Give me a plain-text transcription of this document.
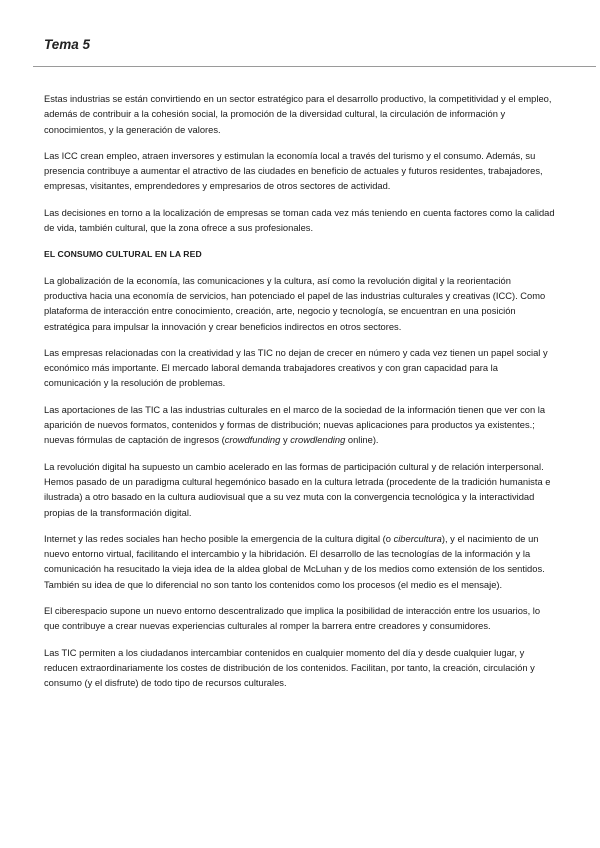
Tema 5

Estas industrias se están convirtiendo en un sector estratégico para el desarrollo productivo, la competitividad y el empleo, además de contribuir a la cohesión social, la promoción de la diversidad cultural, la circulación de información y conocimientos, y la generación de valores.

Las ICC crean empleo, atraen inversores y estimulan la economía local a través del turismo y el consumo. Además, su presencia contribuye a aumentar el atractivo de las ciudades en beneficio de actuales y futuros residentes, trabajadores, empresas, visitantes, emprendedores y empresarios de otros sectores de actividad.

Las decisiones en torno a la localización de empresas se toman cada vez más teniendo en cuenta factores como la calidad de vida, también cultural, que la zona ofrece a sus profesionales.

EL CONSUMO CULTURAL EN LA RED

La globalización de la economía, las comunicaciones y la cultura, así como la revolución digital y la reorientación productiva hacia una economía de servicios, han potenciado el papel de las industrias culturales y creativas (ICC). Como plataforma de interacción entre conocimiento, creación, arte, negocio y tecnología, se encuentran en una posición estratégica para impulsar la innovación y crear beneficios indirectos en otros sectores.

Las empresas relacionadas con la creatividad y las TIC no dejan de crecer en número y cada vez tienen un papel social y económico más importante. El mercado laboral demanda trabajadores creativos y con gran capacidad para la comunicación y la resolución de problemas.

Las aportaciones de las TIC a las industrias culturales en el marco de la sociedad de la información tienen que ver con la aparición de nuevos formatos, contenidos y formas de distribución; nuevas aplicaciones para productos ya existentes.; nuevas fórmulas de captación de ingresos (crowdfunding y crowdlending online).

La revolución digital ha supuesto un cambio acelerado en las formas de participación cultural y de relación interpersonal. Hemos pasado de un paradigma cultural hegemónico basado en la cultura letrada (procedente de la tradición humanista e ilustrada) a otro basado en la cultura audiovisual que a su vez muta con la convergencia tecnológica y la interactividad propias de la transformación digital.

Internet y las redes sociales han hecho posible la emergencia de la cultura digital (o cibercultura), y el nacimiento de un nuevo entorno virtual, facilitando el intercambio y la hibridación. El desarrollo de las tecnologías de la información y la comunicación ha resucitado la vieja idea de la aldea global de McLuhan y de los medios como extensión de los sentidos. También su idea de que lo diferencial no son tanto los contenidos como los procesos (el medio es el mensaje).

El ciberespacio supone un nuevo entorno descentralizado que implica la posibilidad de interacción entre los usuarios, lo que contribuye a crear nuevas experiencias culturales al romper la barrera entre creadores y consumidores.

Las TIC permiten a los ciudadanos intercambiar contenidos en cualquier momento del día y desde cualquier lugar, y reducen extraordinariamente los costes de distribución de los contenidos. Facilitan, por tanto, la creación, circulación y consumo (y el disfrute) de todo tipo de recursos culturales.
